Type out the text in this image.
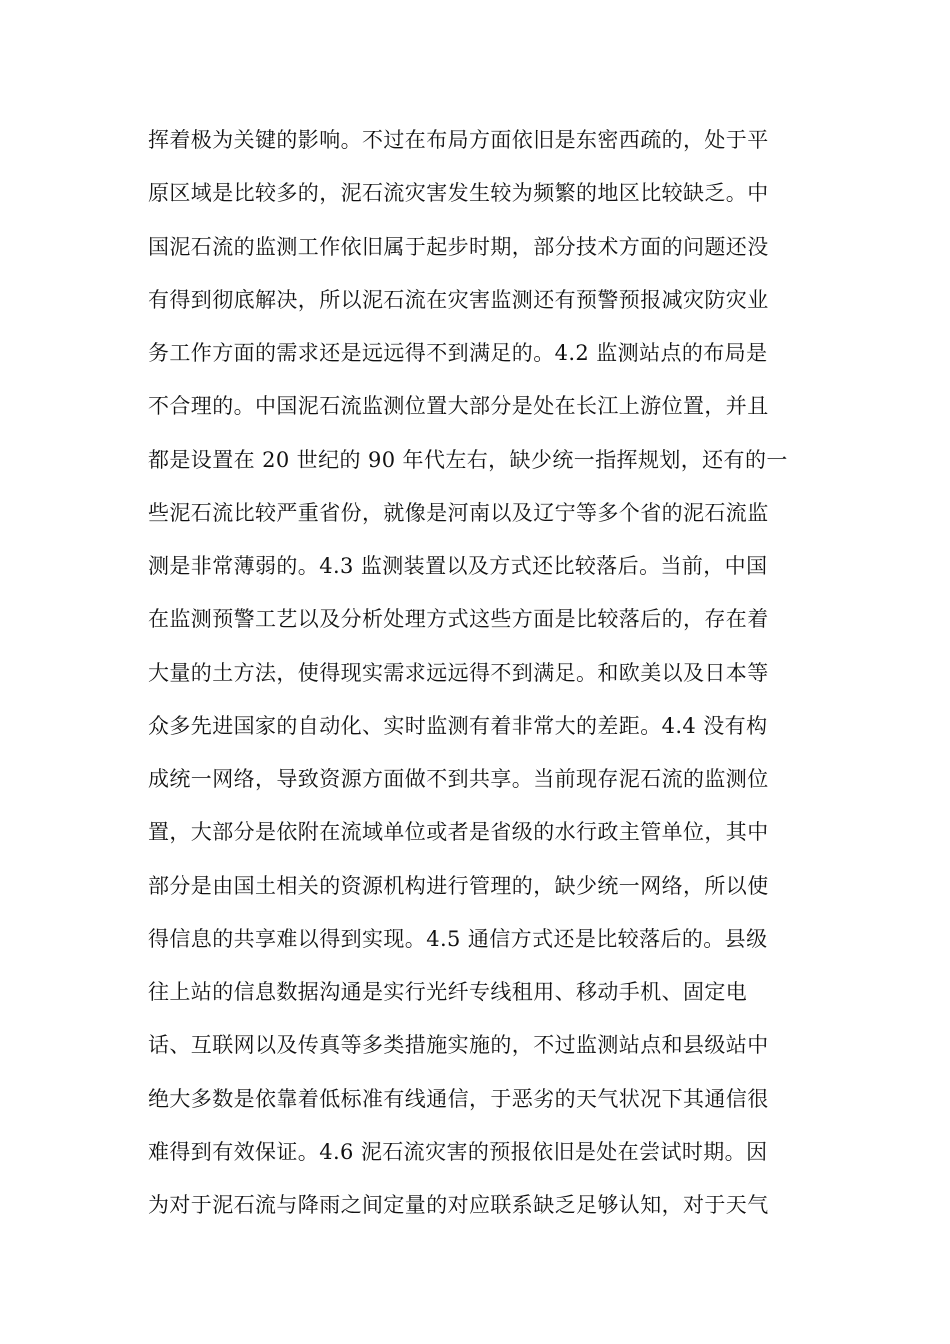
挥着极为关键的影响。不过在布局方面依旧是东密西疏的，处于平
原区域是比较多的，泥石流灾害发生较为频繁的地区比较缺乏。中
国泥石流的监测工作依旧属于起步时期，部分技术方面的问题还没
有得到彻底解决，所以泥石流在灾害监测还有预警预报减灾防灾业
务工作方面的需求还是远远得不到满足的。4.2 监测站点的布局是
不合理的。中国泥石流监测位置大部分是处在长江上游位置，并且
都是设置在 20 世纪的 90 年代左右，缺少统一指挥规划，还有的一
些泥石流比较严重省份，就像是河南以及辽宁等多个省的泥石流监
测是非常薄弱的。4.3 监测装置以及方式还比较落后。当前，中国
在监测预警工艺以及分析处理方式这些方面是比较落后的，存在着
大量的土方法，使得现实需求远远得不到满足。和欧美以及日本等
众多先进国家的自动化、实时监测有着非常大的差距。4.4 没有构
成统一网络，导致资源方面做不到共享。当前现存泥石流的监测位
置，大部分是依附在流域单位或者是省级的水行政主管单位，其中
部分是由国土相关的资源机构进行管理的，缺少统一网络，所以使
得信息的共享难以得到实现。4.5 通信方式还是比较落后的。县级
往上站的信息数据沟通是实行光纤专线租用、移动手机、固定电
话、互联网以及传真等多类措施实施的，不过监测站点和县级站中
绝大多数是依靠着低标准有线通信，于恶劣的天气状况下其通信很
难得到有效保证。4.6 泥石流灾害的预报依旧是处在尝试时期。因
为对于泥石流与降雨之间定量的对应联系缺乏足够认知，对于天气
